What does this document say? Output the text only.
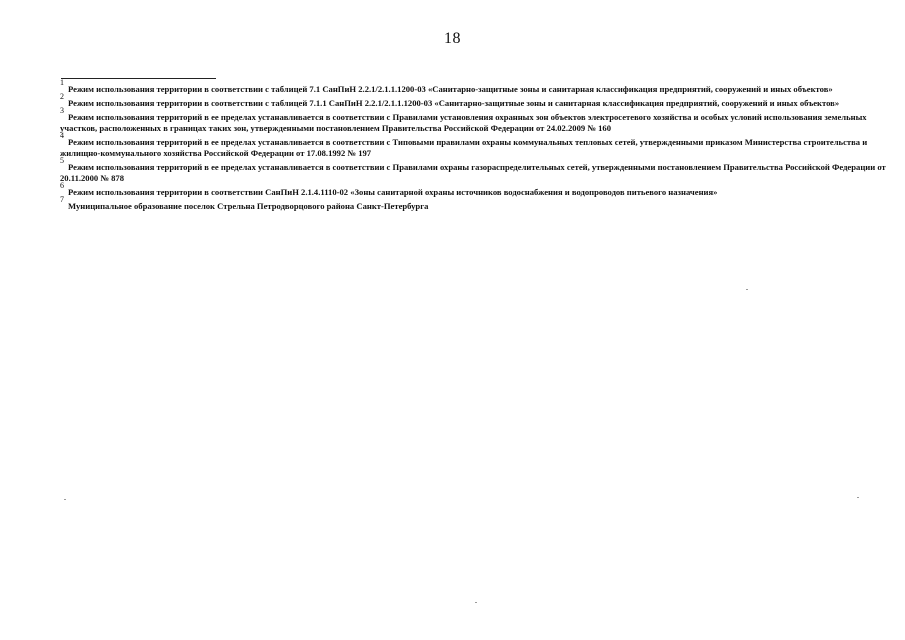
18
1
Режим использования территории в соответствии с таблицей 7.1 СанПиН 2.2.1/2.1.1.1200-03 «Санитарно-защитные зоны и санитарная классификация предприятий, сооружений и иных объектов»
2
Режим использования территории в соответствии с таблицей 7.1.1 СанПиН 2.2.1/2.1.1.1200-03 «Санитарно-защитные зоны и санитарная классификация предприятий, сооружений и иных объектов»
3
Режим использования территорий в ее пределах устанавливается в соответствии с Правилами установления охранных зон объектов электросетевого хозяйства и особых условий использования земельных участков, расположенных в границах таких зон, утвержденными постановлением Правительства Российской Федерации от 24.02.2009 № 160
4
Режим использования территорий в ее пределах устанавливается в соответствии с Типовыми правилами охраны коммунальных тепловых сетей, утвержденными приказом Министерства строительства и жилищно-коммунального хозяйства Российской Федерации от 17.08.1992 № 197
5
Режим использования территорий в ее пределах устанавливается в соответствии с Правилами охраны газораспределительных сетей, утвержденными постановлением Правительства Российской Федерации от 20.11.2000 № 878
6
Режим использования территории в соответствии СанПиН 2.1.4.1110-02 «Зоны санитарной охраны источников водоснабжения и водопроводов питьевого назначения»
7
Муниципальное образование поселок Стрельна Петродворцового района Санкт-Петербурга
